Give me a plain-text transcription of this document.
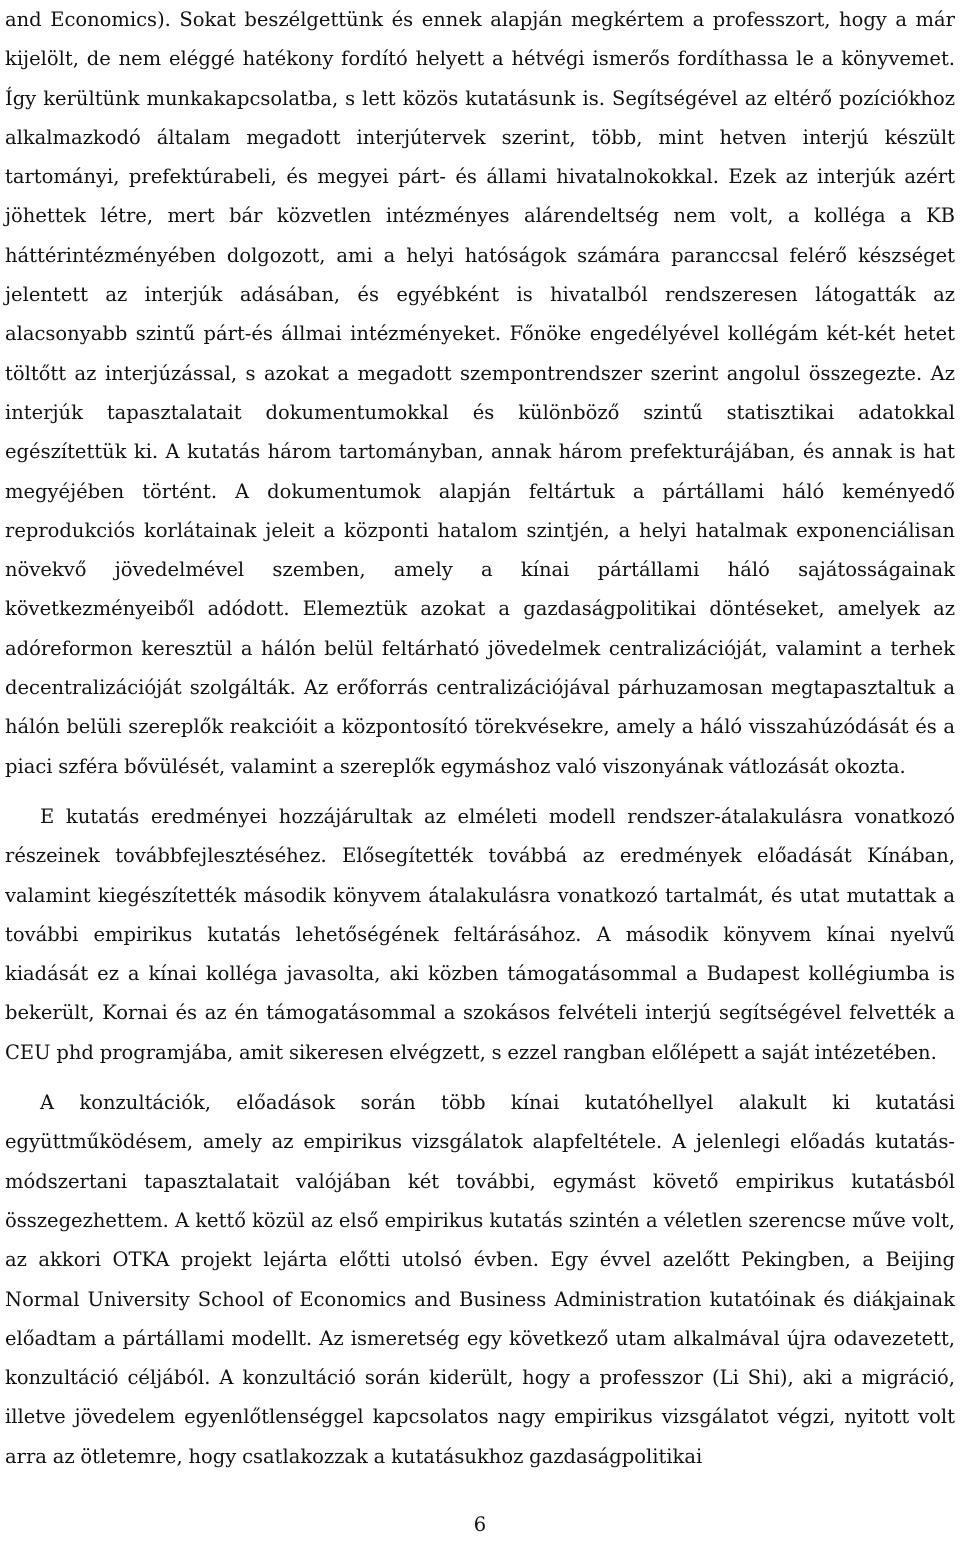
and Economics). Sokat beszélgettünk és ennek alapján megkértem a professzort, hogy a már kijelölt, de nem eléggé hatékony fordító helyett a hétvégi ismerős fordíthassa le a könyvemet. Így kerültünk munkakapcsolatba, s lett közös kutatásunk is. Segítségével az eltérő pozíciókhoz alkalmazkodó általam megadott interjútervek szerint, több, mint hetven interjú készült tartományi, prefektúrabeli, és megyei párt- és állami hivatalnokokkal. Ezek az interjúk azért jöhettek létre, mert bár közvetlen intézményes alárendeltség nem volt, a kolléga a KB háttérintézményében dolgozott, ami a helyi hatóságok számára paranccsal felérő készséget jelentett az interjúk adásában, és egyébként is hivatalból rendszeresen látogatták az alacsonyabb szintű párt-és állmai intézményeket. Főnöke engedélyével kollégám két-két hetet töltőtt az interjúzással, s azokat a megadott szempontrendszer szerint angolul összegezte. Az interjúk tapasztalatait dokumentumokkal és különböző szintű statisztikai adatokkal egészítettük ki. A kutatás három tartományban, annak három prefekturájában, és annak is hat megyéjében történt. A dokumentumok alapján feltártuk a pártállami háló keményedő reprodukciós korlátainak jeleit a központi hatalom szintjén, a helyi hatalmak exponenciálisan növekvő jövedelmével szemben, amely a kínai pártállami háló sajátosságainak következményeiből adódott. Elemeztük azokat a gazdaságpolitikai döntéseket, amelyek az adóreformon keresztül a hálón belül feltárható jövedelmek centralizációját, valamint a terhek decentralizációját szolgálták. Az erőforrás centralizációjával párhuzamosan megtapasztaltuk a hálón belüli szereplők reakcióit a központosító törekvésekre, amely a háló visszahúzódását és a piaci szféra bővülését, valamint a szereplők egymáshoz való viszonyának vátlozását okozta.

E kutatás eredményei hozzájárultak az elméleti modell rendszer-átalakulásra vonatkozó részeinek továbbfejlesztéséhez. Elősegítették továbbá az eredmények előadását Kínában, valamint kiegészítették második könyvem átalakulásra vonatkozó tartalmát, és utat mutattak a további empirikus kutatás lehetőségének feltárásához. A második könyvem kínai nyelvű kiadását ez a kínai kolléga javasolta, aki közben támogatásommal a Budapest kollégiumba is bekerült, Kornai és az én támogatásommal a szokásos felvételi interjú segítségével felvették a CEU phd programjába, amit sikeresen elvégzett, s ezzel rangban előlépett a saját intézetében.

A konzultációk, előadások során több kínai kutatóhellyel alakult ki kutatási együttműködésem, amely az empirikus vizsgálatok alapfeltétele. A jelenlegi előadás kutatás-módszertani tapasztalatait valójában két további, egymást követő empirikus kutatásból összegezhettem. A kettő közül az első empirikus kutatás szintén a véletlen szerencse műve volt, az akkori OTKA projekt lejárta előtti utolsó évben. Egy évvel azelőtt Pekingben, a Beijing Normal University School of Economics and Business Administration kutatóinak és diákjainak előadtam a pártállami modellt. Az ismeretség egy következő utam alkalmával újra odavezetett, konzultáció céljából. A konzultáció során kiderült, hogy a professzor (Li Shi), aki a migráció, illetve jövedelem egyenlőtlenséggel kapcsolatos nagy empirikus vizsgálatot végzi, nyitott volt arra az ötletemre, hogy csatlakozzak a kutatásukhoz gazdaságpolitikai

6
